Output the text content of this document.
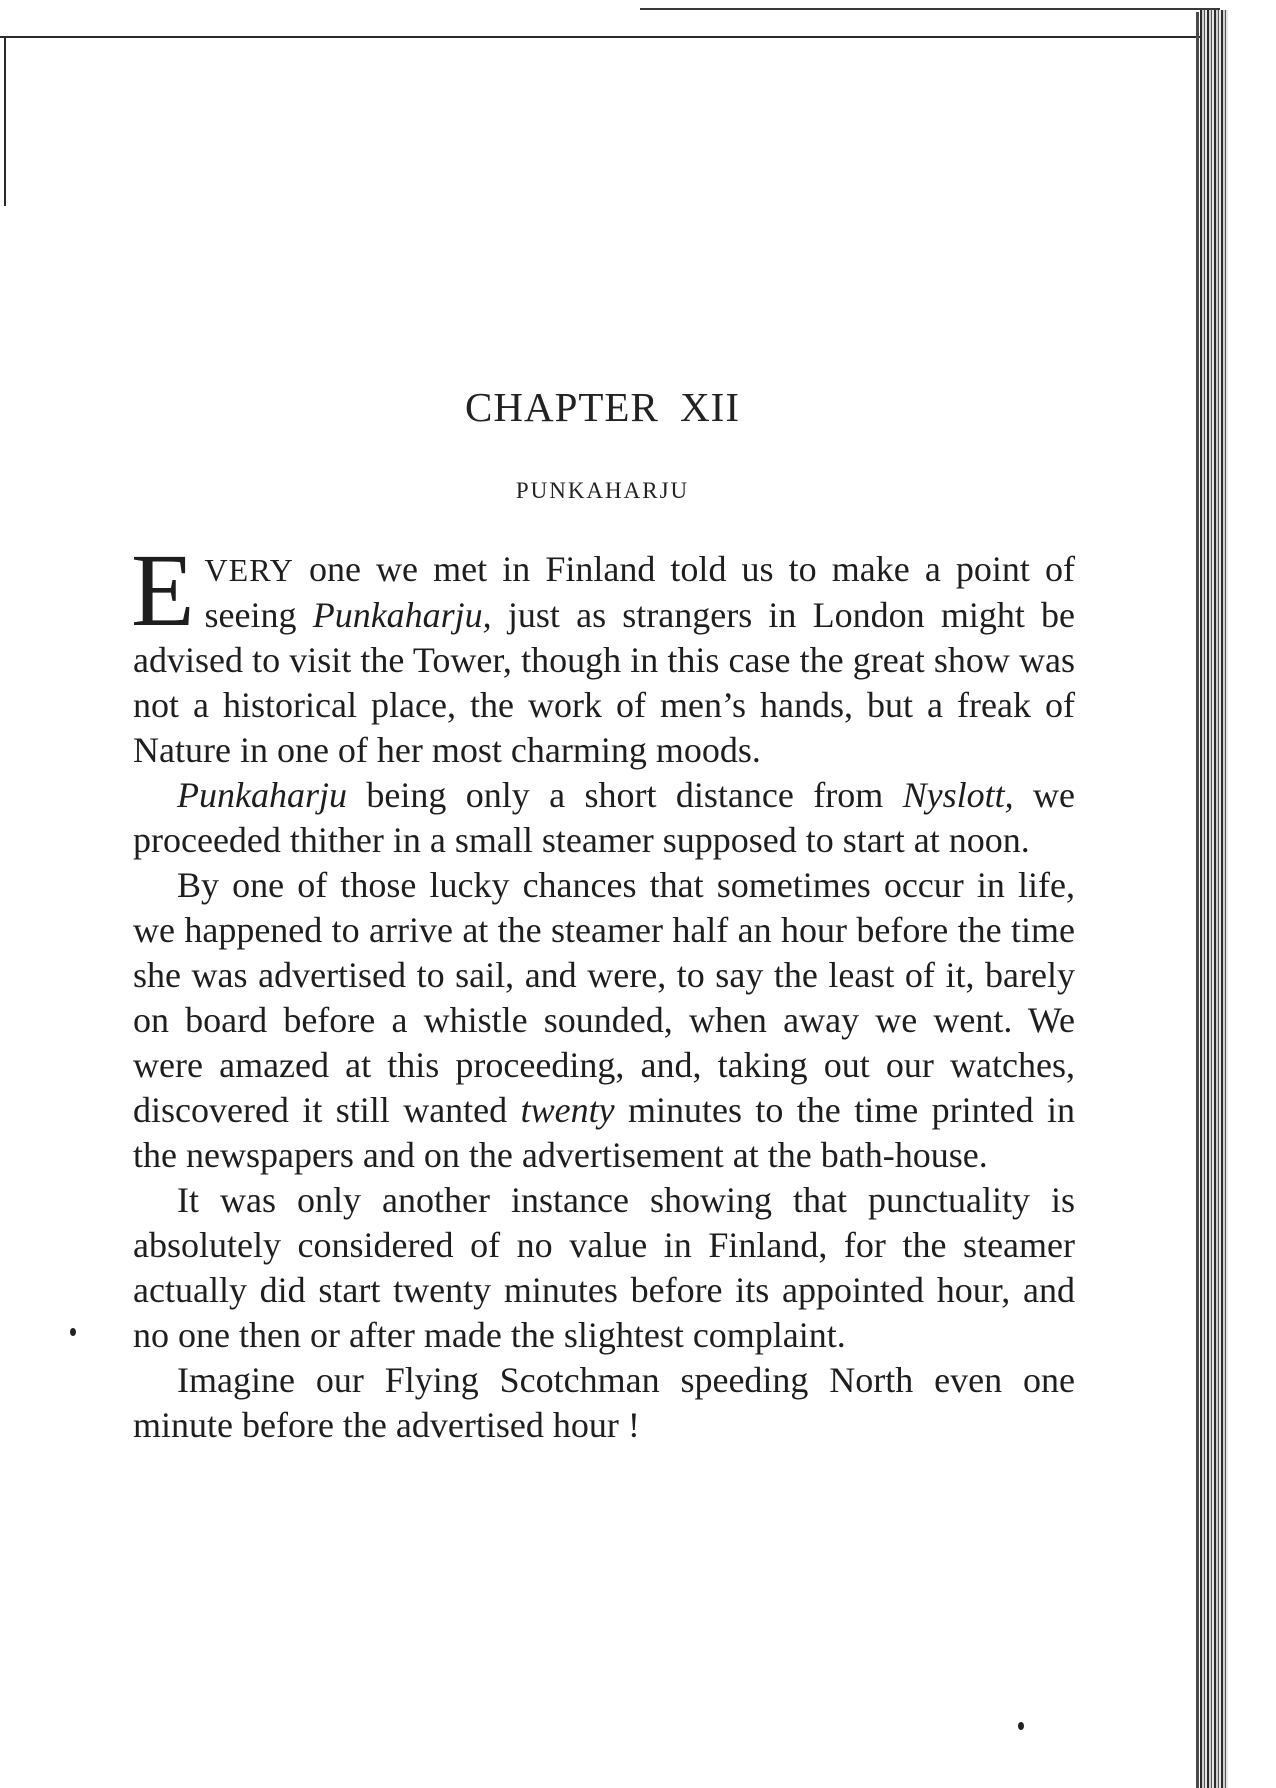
CHAPTER XII
PUNKAHARJU

EVERY one we met in Finland told us to make a point of seeing Punkaharju, just as strangers in London might be advised to visit the Tower, though in this case the great show was not a historical place, the work of men’s hands, but a freak of Nature in one of her most charming moods.

Punkaharju being only a short distance from Nyslott, we proceeded thither in a small steamer supposed to start at noon.

By one of those lucky chances that sometimes occur in life, we happened to arrive at the steamer half an hour before the time she was advertised to sail, and were, to say the least of it, barely on board before a whistle sounded, when away we went. We were amazed at this proceeding, and, taking out our watches, discovered it still wanted twenty minutes to the time printed in the newspapers and on the advertisement at the bath-house.

It was only another instance showing that punctuality is absolutely considered of no value in Finland, for the steamer actually did start twenty minutes before its appointed hour, and no one then or after made the slightest complaint.

Imagine our Flying Scotchman speeding North even one minute before the advertised hour !
